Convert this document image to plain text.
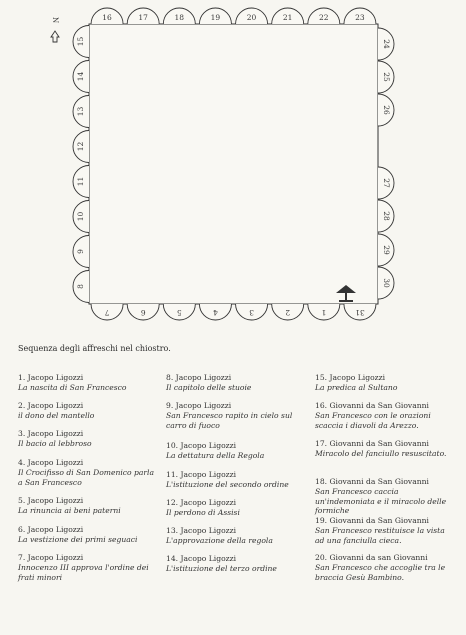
N	16	17	18	19	20	21	22	23
7	6	5	4	3	2	1	31
15
14
13
12
11
10
9
8
24
25
26
27
28
29
30
Sequenza degli affreschi nel chiostro.
1. Jacopo Ligozzi
La nascita di San Francesco
2. Jacopo Ligozzi
il dono del mantello
3. Jacopo Ligozzi
Il bacio al lebbroso
4. Jacopo Ligozzi
Il Crocifisso di San Domenico parla a San Francesco
5. Jacopo Ligozzi
La rinuncia ai beni paterni
6. Jacopo Ligozzi
La vestizione dei primi seguaci
7. Jacopo Ligozzi
Innocenzo III approva l'ordine dei frati minori
8. Jacopo Ligozzi
Il capitolo delle stuoie
9. Jacopo Ligozzi
San Francesco rapito in cielo sul carro di fuoco
10. Jacopo Ligozzi
La dettatura della Regola
11. Jacopo Ligozzi
L'istituzione del secondo ordine
12. Jacopo Ligozzi
Il perdono di Assisi
13. Jacopo Ligozzi
L'approvazione della regola
14. Jacopo Ligozzi
L'istituzione del terzo ordine
15. Jacopo Ligozzi
La predica al Sultano
16. Giovanni da San Giovanni
San Francesco con le orazioni scaccia i diavoli da Arezzo.
17. Giovanni da San Giovanni
Miracolo del fanciullo resuscitato.
18. Giovanni da San Giovanni
San Francesco caccia un'indemoniata e il miracolo delle formiche
19. Giovanni da San Giovanni
San Francesco restituisce la vista ad una fanciulla cieca.
20. Giovanni da san Giovanni
San Francesco che accoglie tra le braccia Gesù Bambino.
